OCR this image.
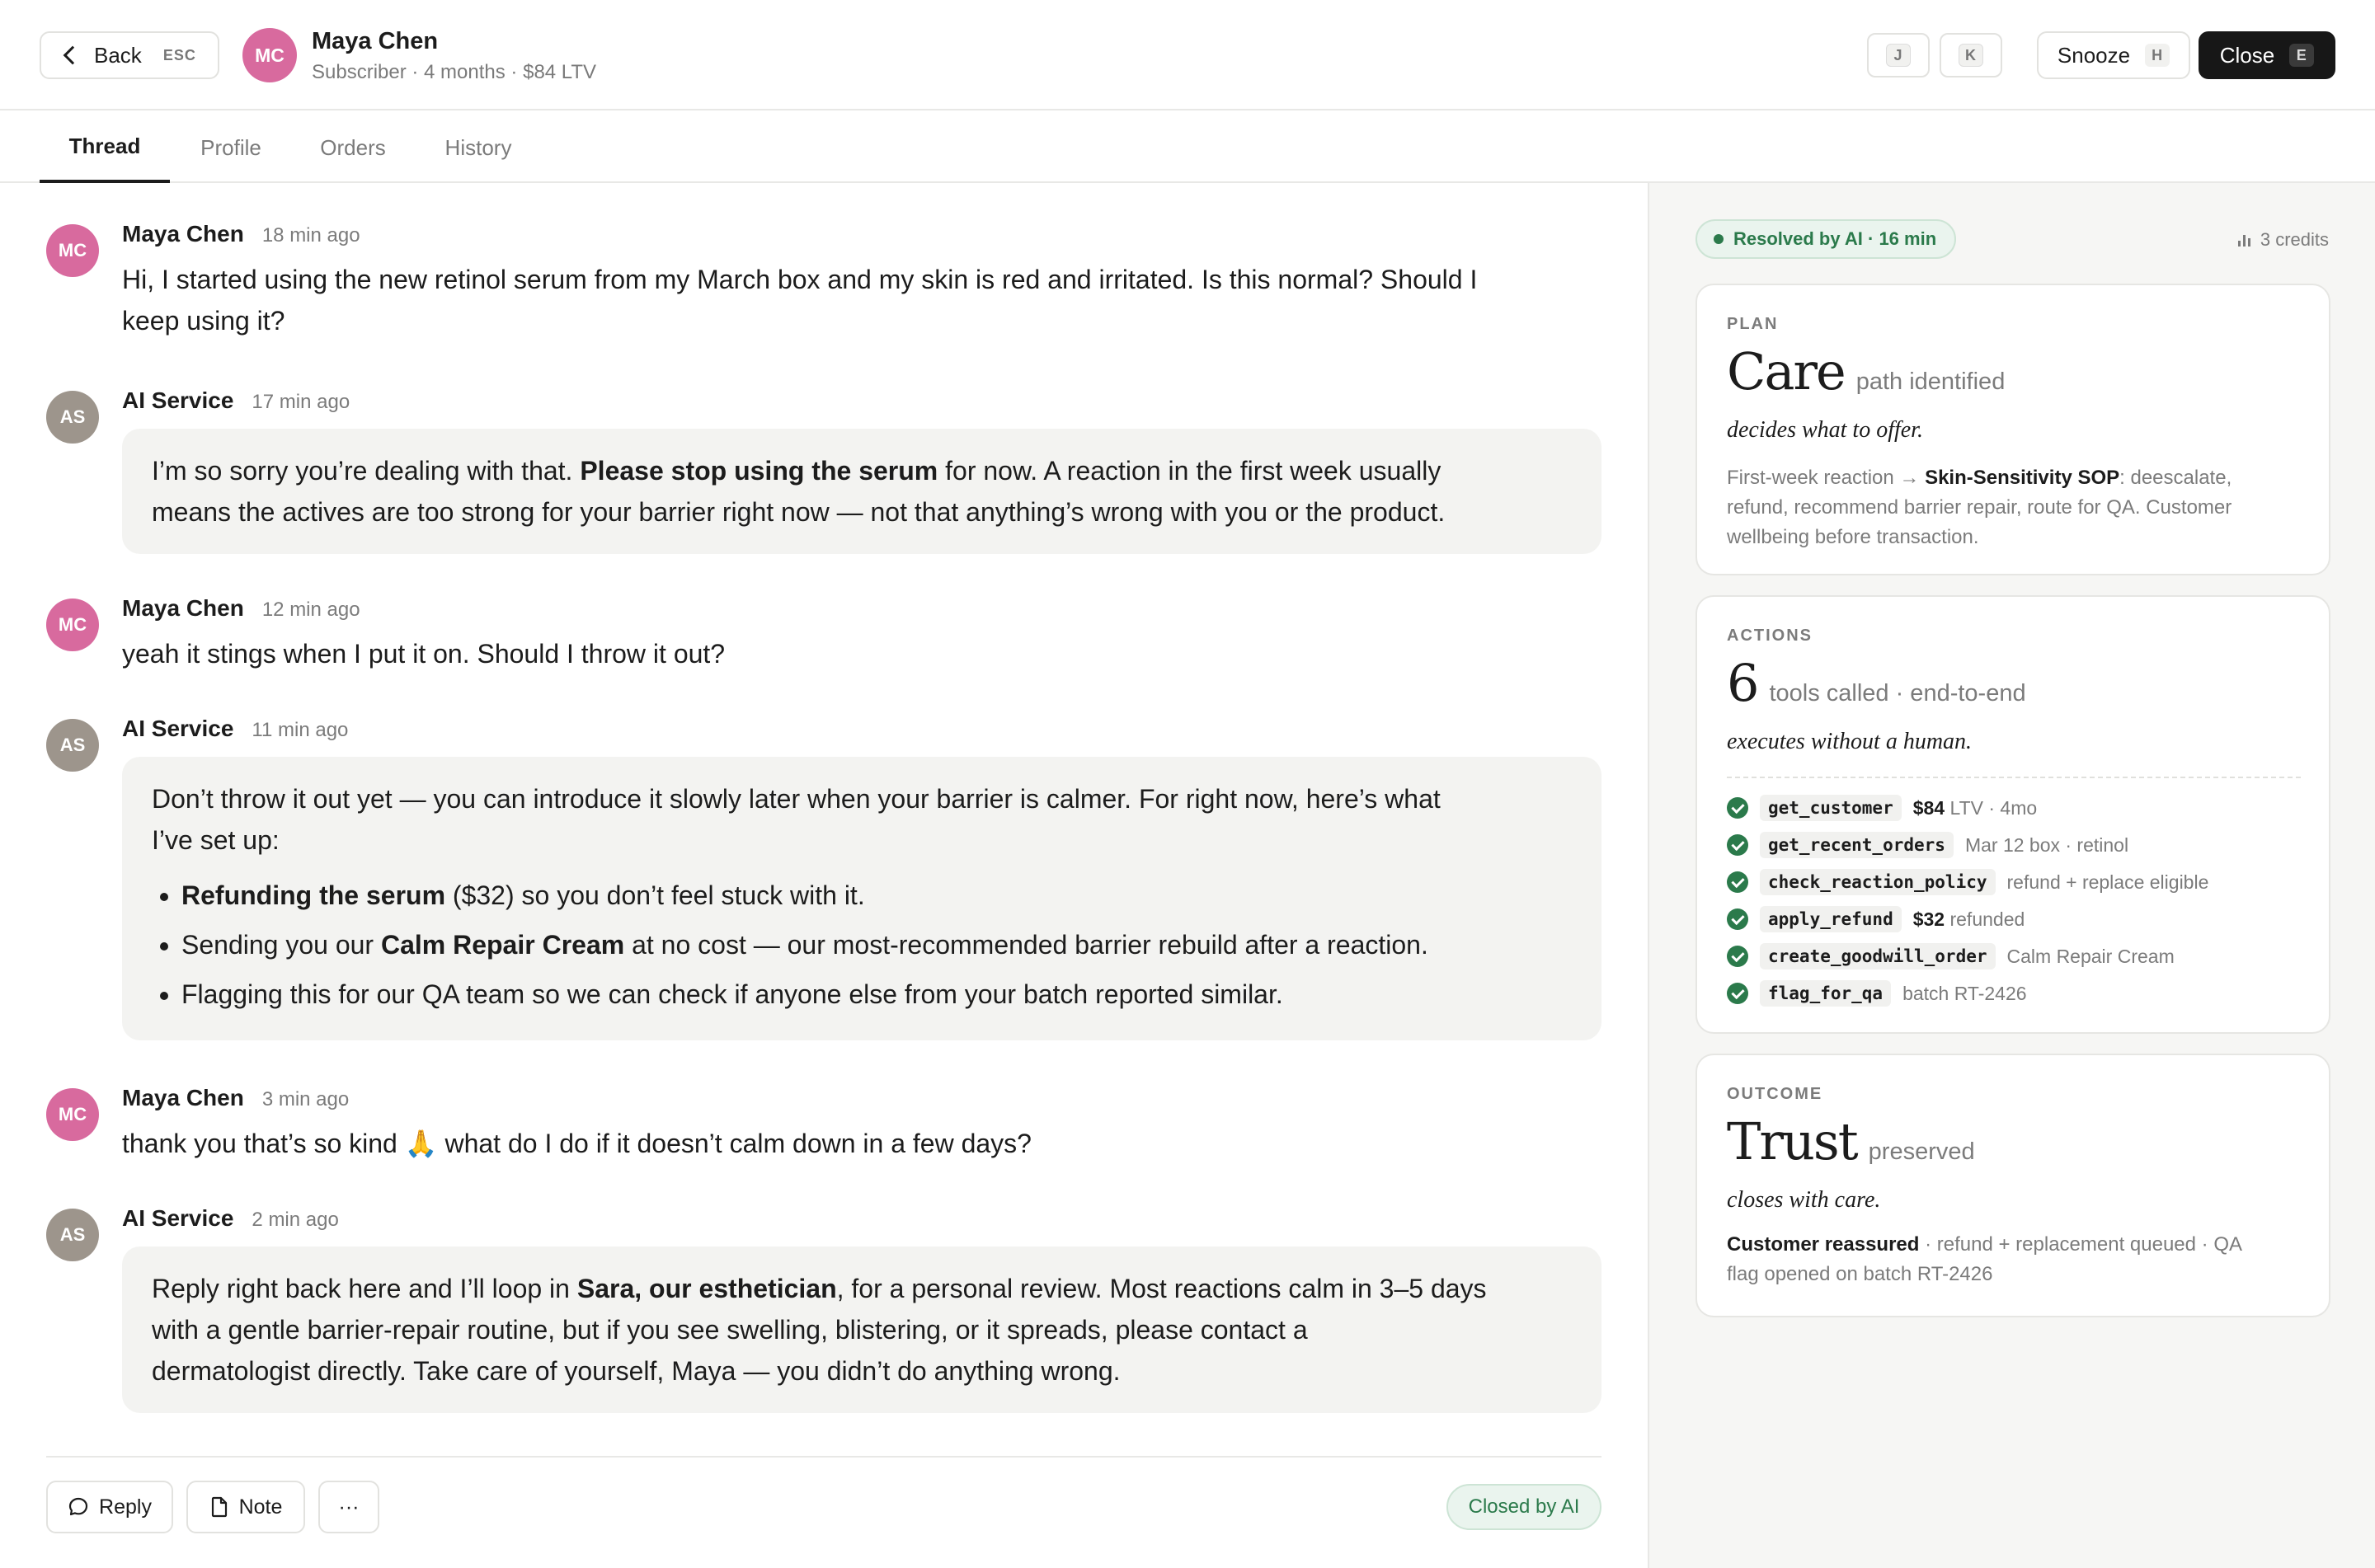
Back ESC	MC
Maya Chen
Subscriber · 4 months · $84 LTV
J	K	Snooze	H	Close	E
Thread	Profile	Orders	History
MC
Maya Chen 18 min ago
Hi, I started using the new retinol serum from my March box and my skin is red and irritated. Is this normal? Should I
keep using it?
AS
AI Service 17 min ago
I’m so sorry you’re dealing with that. Please stop using the serum for now. A reaction in the first week usually
means the actives are too strong for your barrier right now — not that anything’s wrong with you or the product.
MC
Maya Chen 12 min ago
yeah it stings when I put it on. Should I throw it out?
AS
AI Service 11 min ago
Don’t throw it out yet — you can introduce it slowly later when your barrier is calmer. For right now, here’s what
I’ve set up:
• Refunding the serum ($32) so you don’t feel stuck with it.
• Sending you our Calm Repair Cream at no cost — our most-recommended barrier rebuild after a reaction.
• Flagging this for our QA team so we can check if anyone else from your batch reported similar.
MC
Maya Chen 3 min ago
thank you that’s so kind 🙏 what do I do if it doesn’t calm down in a few days?
AS
AI Service 2 min ago
Reply right back here and I’ll loop in Sara, our esthetician, for a personal review. Most reactions calm in 3–5 days
with a gentle barrier-repair routine, but if you see swelling, blistering, or it spreads, please contact a
dermatologist directly. Take care of yourself, Maya — you didn’t do anything wrong.
Reply	Note	···	Closed by AI
Resolved by AI · 16 min	3 credits
PLAN
Care path identified
decides what to offer.
First-week reaction → Skin-Sensitivity SOP: deescalate,
refund, recommend barrier repair, route for QA. Customer
wellbeing before transaction.
ACTIONS
6 tools called · end-to-end
executes without a human.
get_customer	$84 LTV · 4mo
get_recent_orders	Mar 12 box · retinol
check_reaction_policy	refund + replace eligible
apply_refund	$32 refunded
create_goodwill_order	Calm Repair Cream
flag_for_qa	batch RT-2426
OUTCOME
Trust preserved
closes with care.
Customer reassured · refund + replacement queued · QA
flag opened on batch RT-2426
